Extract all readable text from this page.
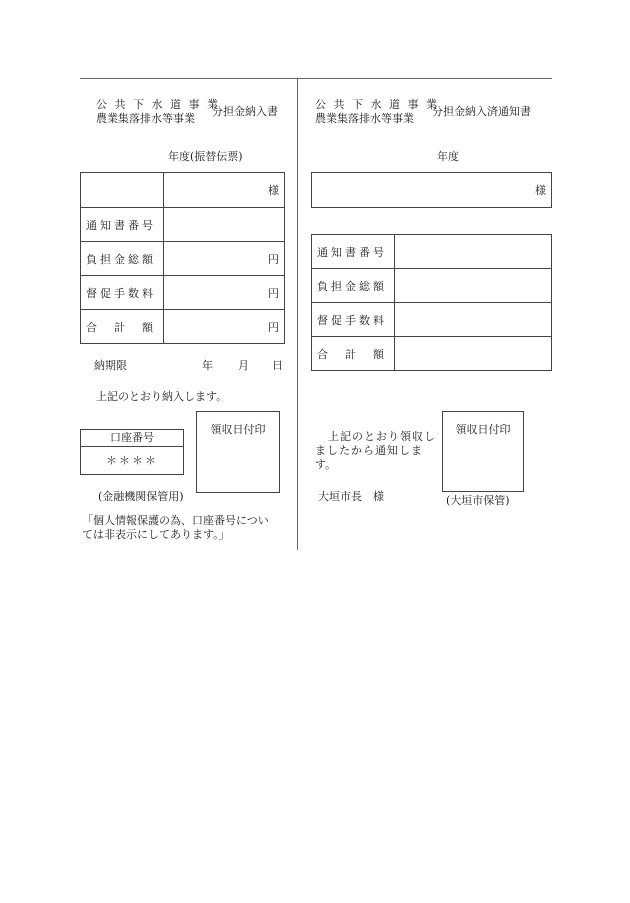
公 共 下 水 道 事 業
農業集落排水等事業
分担金納入書
年度(振替伝票)
	様
通知書番号	
負担金総額	円
督促手数料	円
合　計　額	円
納期限	年 月 日
上記のとおり納入します。
口座番号
＊＊＊＊
領収日付印
(金融機関保管用)
「個人情報保護の為、口座番号につい
ては非表示にしてあります。」
公 共 下 水 道 事 業
農業集落排水等事業
分担金納入済通知書
年度
様
通知書番号	
負担金総額	
督促手数料	
合　計　額	
上記のとおり領収し
ましたから通知しま
す。
領収日付印
大垣市長　様	(大垣市保管)
